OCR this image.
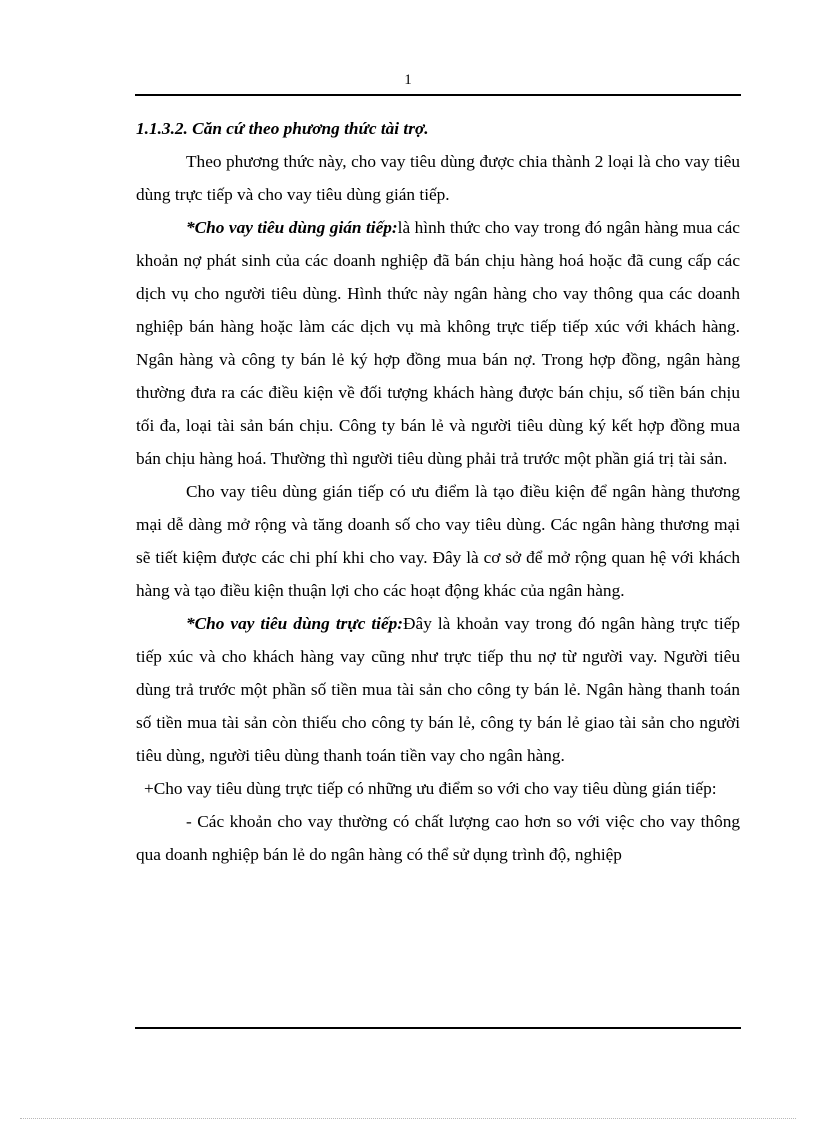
1

1.1.3.2. Căn cứ theo phương thức tài trợ.

Theo phương thức này, cho vay tiêu dùng được chia thành 2 loại là cho vay tiêu dùng trực tiếp và cho vay tiêu dùng gián tiếp.

*Cho vay tiêu dùng gián tiếp:là hình thức cho vay trong đó ngân hàng mua các khoản nợ phát sinh của các doanh nghiệp đã bán chịu hàng hoá hoặc đã cung cấp các dịch vụ cho người tiêu dùng. Hình thức này ngân hàng cho vay thông qua các doanh nghiệp bán hàng hoặc làm các dịch vụ mà không trực tiếp tiếp xúc với khách hàng. Ngân hàng và công ty bán lẻ ký hợp đồng mua bán nợ. Trong hợp đồng, ngân hàng thường đưa ra các điều kiện về đối tượng khách hàng được bán chịu, số tiền bán chịu tối đa, loại tài sản bán chịu. Công ty bán lẻ và người tiêu dùng ký kết hợp đồng mua bán chịu hàng hoá. Thường thì người tiêu dùng phải trả trước một phần giá trị tài sản.

Cho vay tiêu dùng gián tiếp có ưu điểm là tạo điều kiện để ngân hàng thương mại dễ dàng mở rộng và tăng doanh số cho vay tiêu dùng. Các ngân hàng thương mại sẽ tiết kiệm được các chi phí khi cho vay. Đây là cơ sở để mở rộng quan hệ với khách hàng và tạo điều kiện thuận lợi cho các hoạt động khác của ngân hàng.

*Cho vay tiêu dùng trực tiếp:Đây là khoản vay trong đó ngân hàng trực tiếp tiếp xúc và cho khách hàng vay cũng như trực tiếp thu nợ từ người vay. Người tiêu dùng trả trước một phần số tiền mua tài sản cho công ty bán lẻ. Ngân hàng thanh toán số tiền mua tài sản còn thiếu cho công ty bán lẻ, công ty bán lẻ giao tài sản cho người tiêu dùng, người tiêu dùng thanh toán tiền vay cho ngân hàng.

+Cho vay tiêu dùng trực tiếp có những ưu điểm so với cho vay tiêu dùng gián tiếp:

- Các khoản cho vay thường có chất lượng cao hơn so với việc cho vay thông qua doanh nghiệp bán lẻ do ngân hàng có thể sử dụng trình độ, nghiệp
